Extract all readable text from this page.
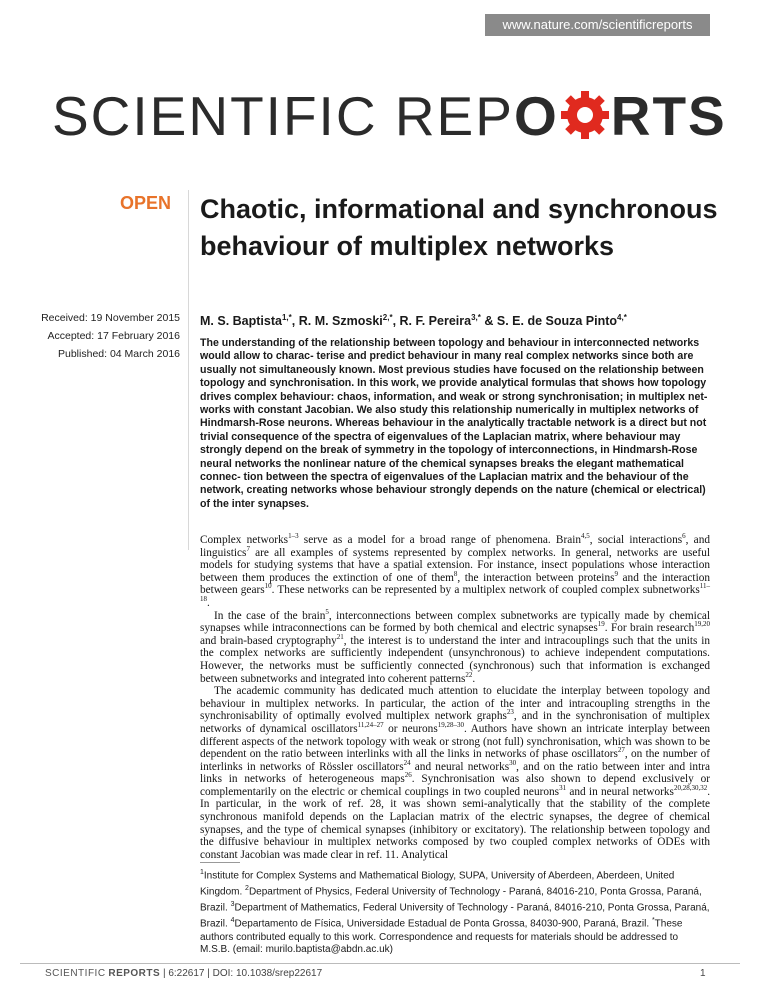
www.nature.com/scientificreports
SCIENTIFIC REPO RTS
OPEN Chaotic, informational and synchronous behaviour of multiplex networks
Received: 19 November 2015
Accepted: 17 February 2016
Published: 04 March 2016
M. S. Baptista$^{1,*}$, R. M. Szmoski$^{2,*}$, R. F. Pereira$^{3,*}$ & S. E. de Souza Pinto$^{4,*}$
The understanding of the relationship between topology and behaviour in interconnected networks would allow to charac- terise and predict behaviour in many real complex networks since both are usually not simultaneously known. Most previous studies have focused on the relationship between topology and synchronisation. In this work, we provide analytical formulas that shows how topology drives complex behaviour: chaos, information, and weak or strong synchronisation; in multiplex net- works with constant Jacobian. We also study this relationship numerically in multiplex networks of Hindmarsh-Rose neurons. Whereas behaviour in the analytically tractable network is a direct but not trivial consequence of the spectra of eigenvalues of the Laplacian matrix, where behaviour may strongly depend on the break of symmetry in the topology of interconnections, in Hindmarsh-Rose neural networks the nonlinear nature of the chemical synapses breaks the elegant mathematical connec- tion between the spectra of eigenvalues of the Laplacian matrix and the behaviour of the network, creating networks whose behaviour strongly depends on the nature (chemical or electrical) of the inter synapses.

Complex networks$^{1-3}$ serve as a model for a broad range of phenomena. Brain$^{4,5}$, social interactions$^6$, and linguistics$^7$ are all examples of systems represented by complex networks. In general, networks are useful models for studying systems that have a spatial extension. For instance, insect populations whose interaction between them produces the extinction of one of them$^8$, the interaction between proteins$^9$ and the interaction between gears$^{10}$. These networks can be represented by a multiplex network of coupled complex subnetworks$^{11-18}$.

In the case of the brain$^5$, interconnections between complex subnetworks are typically made by chemical synapses while intraconnections can be formed by both chemical and electric synapses$^{19}$. For brain research$^{19,20}$ and brain-based cryptography$^{21}$, the interest is to understand the inter and intracouplings such that the units in the complex networks are sufficiently independent (unsynchronous) to achieve independent computations. However, the networks must be sufficiently connected (synchronous) such that information is exchanged between subnetworks and integrated into coherent patterns$^{22}$.

The academic community has dedicated much attention to elucidate the interplay between topology and behaviour in multiplex networks. In particular, the action of the inter and intracoupling strengths in the synchronisability of optimally evolved multiplex network graphs$^{23}$, and in the synchronisation of multiplex networks of dynamical oscillators$^{11,24-27}$ or neurons$^{19,28-30}$. Authors have shown an intricate interplay between different aspects of the network topology with weak or strong (not full) synchronisation, which was shown to be dependent on the ratio between interlinks with all the links in networks of phase oscillators$^{27}$, on the number of interlinks in networks of Rössler oscillators$^{24}$ and neural networks$^{30}$, and on the ratio between inter and intra links in networks of heterogeneous maps$^{26}$. Synchronisation was also shown to depend exclusively or complementarily on the electric or chemical couplings in two coupled neurons$^{31}$ and in neural networks$^{20,28,30,32}$. In particular, in the work of ref. 28, it was shown semi-analytically that the stability of the complete synchronous manifold depends on the Laplacian matrix of the electric synapses, the degree of chemical synapses, and the type of chemical synapses (inhibitory or excitatory). The relationship between topology and the diffusive behaviour in multiplex networks composed by two coupled complex networks of ODEs with constant Jacobian was made clear in ref. 11. Analytical

$^1$Institute for Complex Systems and Mathematical Biology, SUPA, University of Aberdeen, Aberdeen, United Kingdom. $^2$Department of Physics, Federal University of Technology - Paraná, 84016-210, Ponta Grossa, Paraná, Brazil. $^3$Department of Mathematics, Federal University of Technology - Paraná, 84016-210, Ponta Grossa, Paraná, Brazil. $^4$Departamento de Física, Universidade Estadual de Ponta Grossa, 84030-900, Paraná, Brazil. *These authors contributed equally to this work. Correspondence and requests for materials should be addressed to M.S.B. (email: murilo.baptista@abdn.ac.uk)
SCIENTIFIC REPORTS | 6:22617 | DOI: 10.1038/srep22617	1
